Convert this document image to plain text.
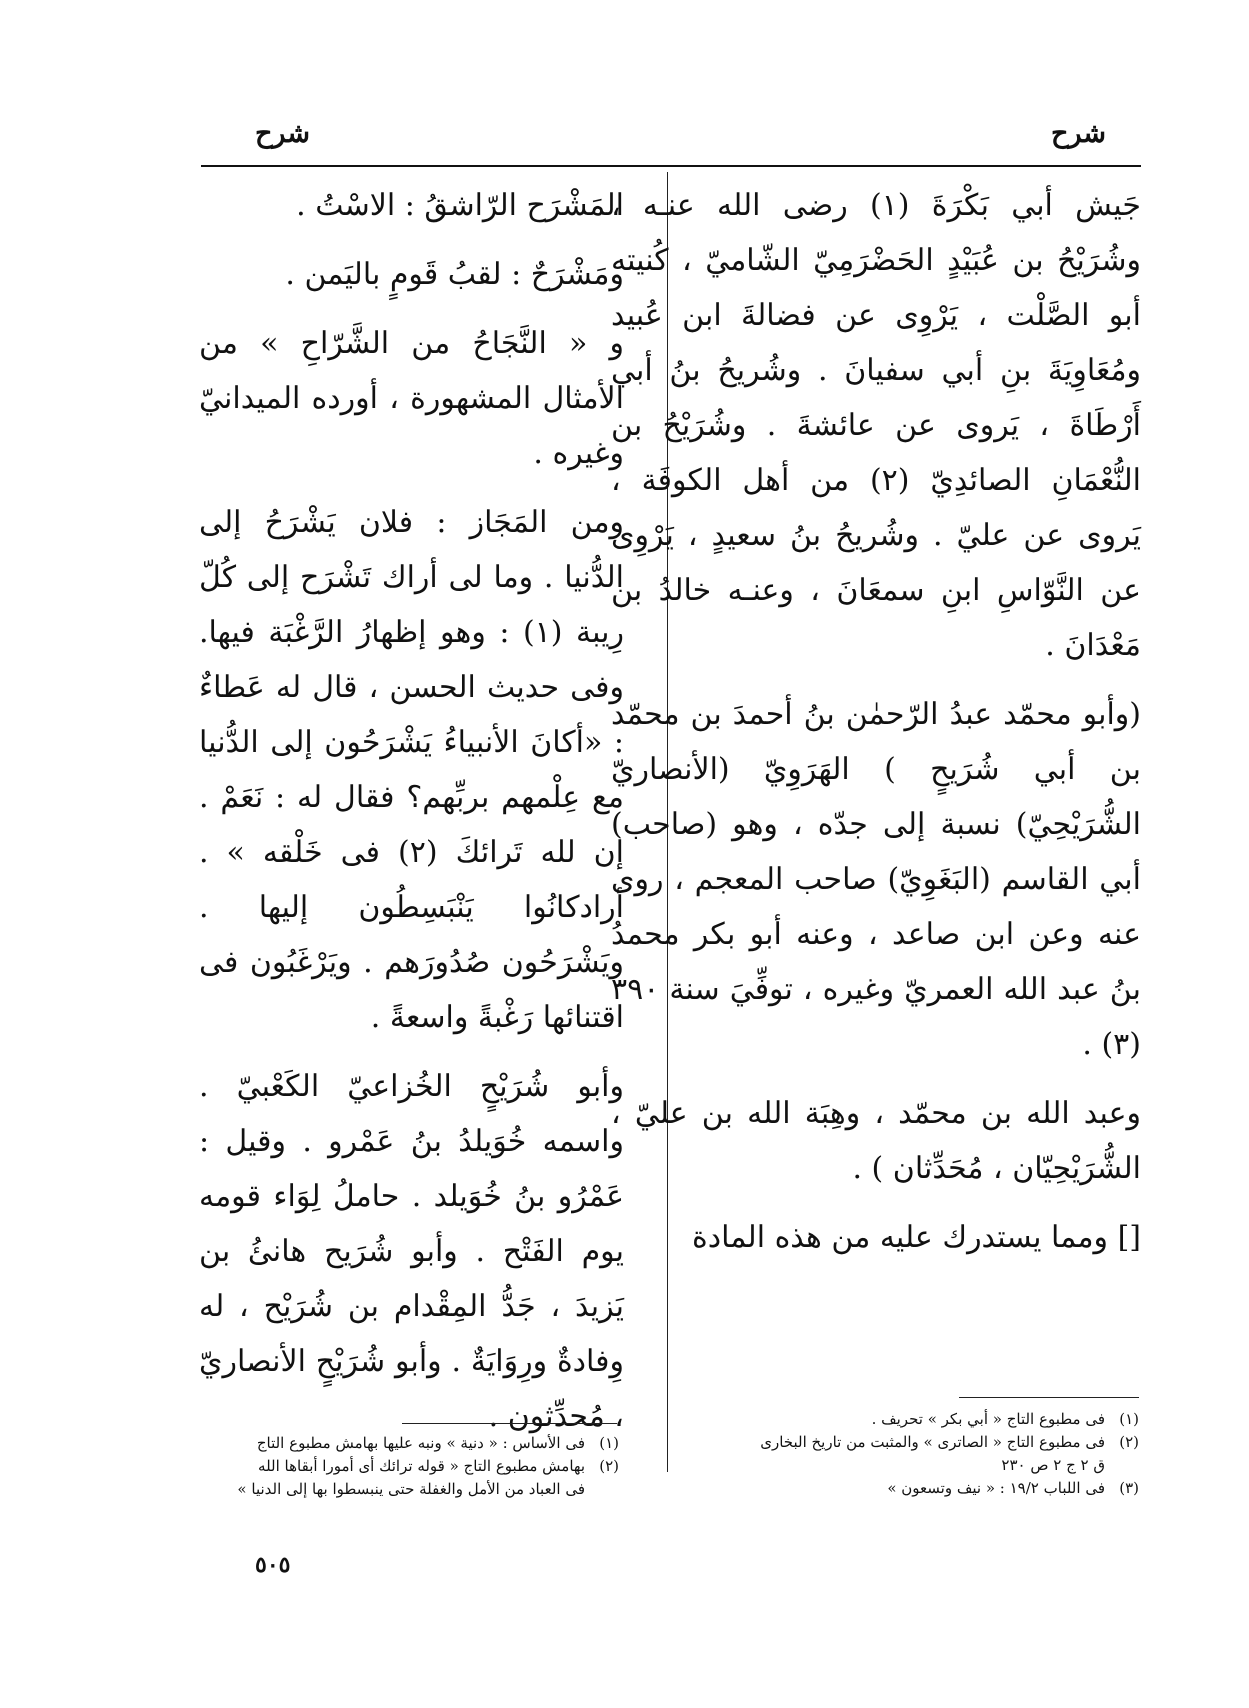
شرح
شرح

جَيش أبي بَكْرَةَ (١) رضى الله عنـه ، وشُرَيْحُ بن عُبَيْدٍ الحَضْرَمِيّ الشّاميّ ، كُنيته أبو الصَّلْت ، يَرْوِى عن فضالةَ ابن عُبيد ومُعَاوِيَةَ بنِ أبي سفيانَ . وشُريحُ بنُ أبي أَرْطَاةَ ، يَروى عن عائشةَ . وشُرَيْحُ بن النُّعْمَانِ الصائدِيّ (٢) من أهل الكوفَة ، يَروى عن عليّ . وشُريحُ بنُ سعيدٍ ، يَرْوِى عن النَّوّاسِ ابنِ سمعَانَ ، وعنـه خالدُ بن مَعْدَانَ .

(وأبو محمّد عبدُ الرّحمٰن بنُ أحمدَ بن محمّد بن أبي شُرَيحٍ ) الهَرَوِيّ (الأنصاريّ الشُّرَيْحِيّ) نسبة إلى جدّه ، وهو (صاحب) أبي القاسم (البَغَوِيّ) صاحب المعجم ، روى عنه وعن ابن صاعد ، وعنه أبو بكر محمدُ بنُ عبد الله العمريّ وغيره ، توفِّيَ سنة ٣٩٠ (٣) .

وعبد الله بن محمّد ، وهِبَة الله بن عليّ ، الشُّرَيْحِيّان ، مُحَدِّثان ) .

[] ومما يستدرك عليه من هذه المادة

المَشْرَح الرّاشقُ : الاسْتُ .

ومَشْرَحٌ : لقبُ قَومٍ باليَمن .

و « النَّجَاحُ من الشَّرّاحِ » من الأمثال المشهورة ، أورده الميدانيّ وغيره .

ومن المَجَاز : فلان يَشْرَحُ إلى الدُّنيا . وما لى أراك تَشْرَح إلى كُلّ رِيبة (١) : وهو إظهارُ الرَّغْبَة فيها. وفى حديث الحسن ، قال له عَطاءٌ : «أكانَ الأنبياءُ يَشْرَحُون إلى الدُّنيا مع عِلْمهم بربِّهم؟ فقال له : نَعَمْ . إن لله تَرائكَ (٢) فى خَلْقه » . أرادكانُوا يَنْبَسِطُون إليها . ويَشْرَحُون صُدُورَهم . ويَرْغَبُون فى اقتنائها رَغْبةً واسعةً .

وأبو شُرَيْحٍ الخُزاعيّ الكَعْبيّ . واسمه خُوَيلدُ بنُ عَمْرو . وقيل : عَمْرُو بنُ خُوَيلد . حاملُ لِوَاء قومه يوم الفَتْح . وأبو شُرَيح هانئُ بن يَزيدَ ، جَدُّ المِقْدام بن شُرَيْح ، له وِفادةٌ ورِوَايَةٌ . وأبو شُرَيْحٍ الأنصاريّ ، مُحدِّثون .	(١)فى مطبوع التاج « أبي بكر » تحريف .
(٢)فى مطبوع التاج « الصاترى » والمثبت من تاريخ البخارى
ق ٢ ج ٢ ص ٢٣٠
(٣)فى اللباب ١٩/٢ : « نيف وتسعون »
(١)فى الأساس : « دنية » ونبه عليها بهامش مطبوع التاج
(٢)بهامش مطبوع التاج « قوله ترائك أى أمورا أبقاها الله
فى العباد من الأمل والغفلة حتى ينبسطوا بها إلى الدنيا »
٥٠٥
